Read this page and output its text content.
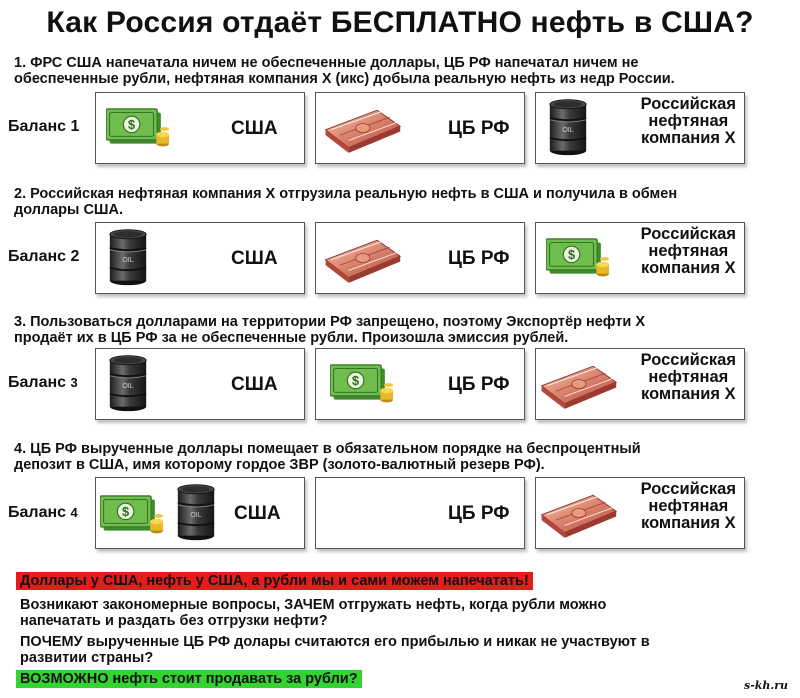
Как Россия отдаёт БЕСПЛАТНО нефть в США?
1. ФРС США напечатала ничем не обеспеченные доллары, ЦБ РФ напечатал ничем не
обеспеченные рубли, нефтяная компания Х (икс) добыла реальную нефть из недр России.
Баланс 1	США	ЦБ РФ	OIL
Российская
нефтяная
компания Х
2. Российская нефтяная компания Х отгрузила реальную нефть в США и получила в обмен
доллары США.
Баланс 2	OIL	США	ЦБ РФ
Российская
нефтяная
компания Х
3. Пользоваться долларами на территории РФ запрещено, поэтому Экспортёр нефти Х
продаёт их в ЦБ РФ за не обеспеченные рубли. Произошла эмиссия рублей.
Баланс 3	OIL	США	ЦБ РФ
Российская
нефтяная
компания Х
4. ЦБ РФ вырученные доллары помещает в обязательном порядке на беспроцентный
депозит в США, имя которому гордое ЗВР (золото-валютный резерв РФ).
Баланс 4	OIL США	ЦБ РФ
Российская
нефтяная
компания Х
Доллары у США, нефть у США, а рубли мы и сами можем напечатать!
Возникают закономерные вопросы, ЗАЧЕМ отгружать нефть, когда рубли можно
напечатать и раздать без отгрузки нефти?
ПОЧЕМУ вырученные ЦБ РФ долары считаются его прибылью и никак не участвуют в
развитии страны?
ВОЗМОЖНО нефть стоит продавать за рубли?	s-kh.ru
